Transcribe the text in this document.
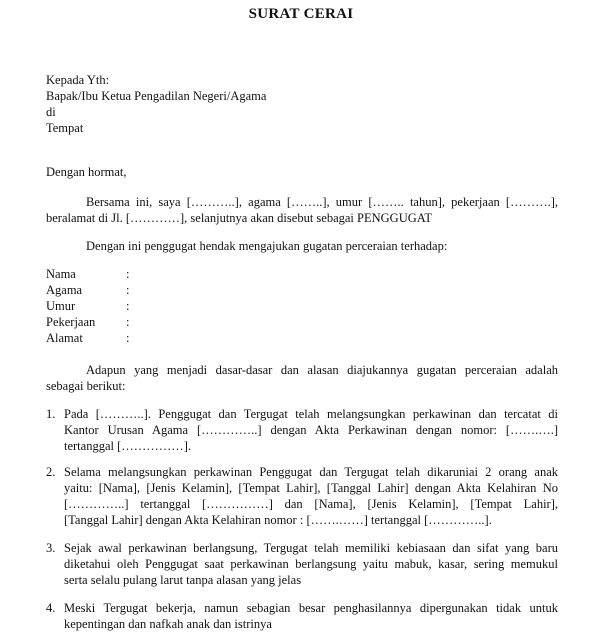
SURAT CERAI
Kepada Yth:
Bapak/Ibu Ketua Pengadilan Negeri/Agama
di
Tempat
Dengan hormat,
Bersama ini, saya [………..], agama [……..], umur […….. tahun], pekerjaan [……….],
beralamat di Jl. […………], selanjutnya akan disebut sebagai PENGGUGAT
Dengan ini penggugat hendak mengajukan gugatan perceraian terhadap:
Nama	:
Agama	:
Umur	:
Pekerjaan	:
Alamat	:
Adapun yang menjadi dasar-dasar dan alasan diajukannya gugatan perceraian adalah
sebagai berikut:
1. Pada [………..]. Penggugat dan Tergugat telah melangsungkan perkawinan dan tercatat di
Kantor Urusan Agama […………..] dengan Akta Perkawinan dengan nomor: […….….]
tertanggal [……………].
2. Selama melangsungkan perkawinan Penggugat dan Tergugat telah dikaruniai 2 orang anak
yaitu: [Nama], [Jenis Kelamin], [Tempat Lahir], [Tanggal Lahir] dengan Akta Kelahiran No
[…………..] tertanggal [……………] dan [Nama], [Jenis Kelamin], [Tempat Lahir],
[Tanggal Lahir] dengan Akta Kelahiran nomor : […….……] tertanggal […………..].
3. Sejak awal perkawinan berlangsung, Tergugat telah memiliki kebiasaan dan sifat yang baru
diketahui oleh Penggugat saat perkawinan berlangsung yaitu mabuk, kasar, sering memukul
serta selalu pulang larut tanpa alasan yang jelas
4. Meski Tergugat bekerja, namun sebagian besar penghasilannya dipergunakan tidak untuk
kepentingan dan nafkah anak dan istrinya
